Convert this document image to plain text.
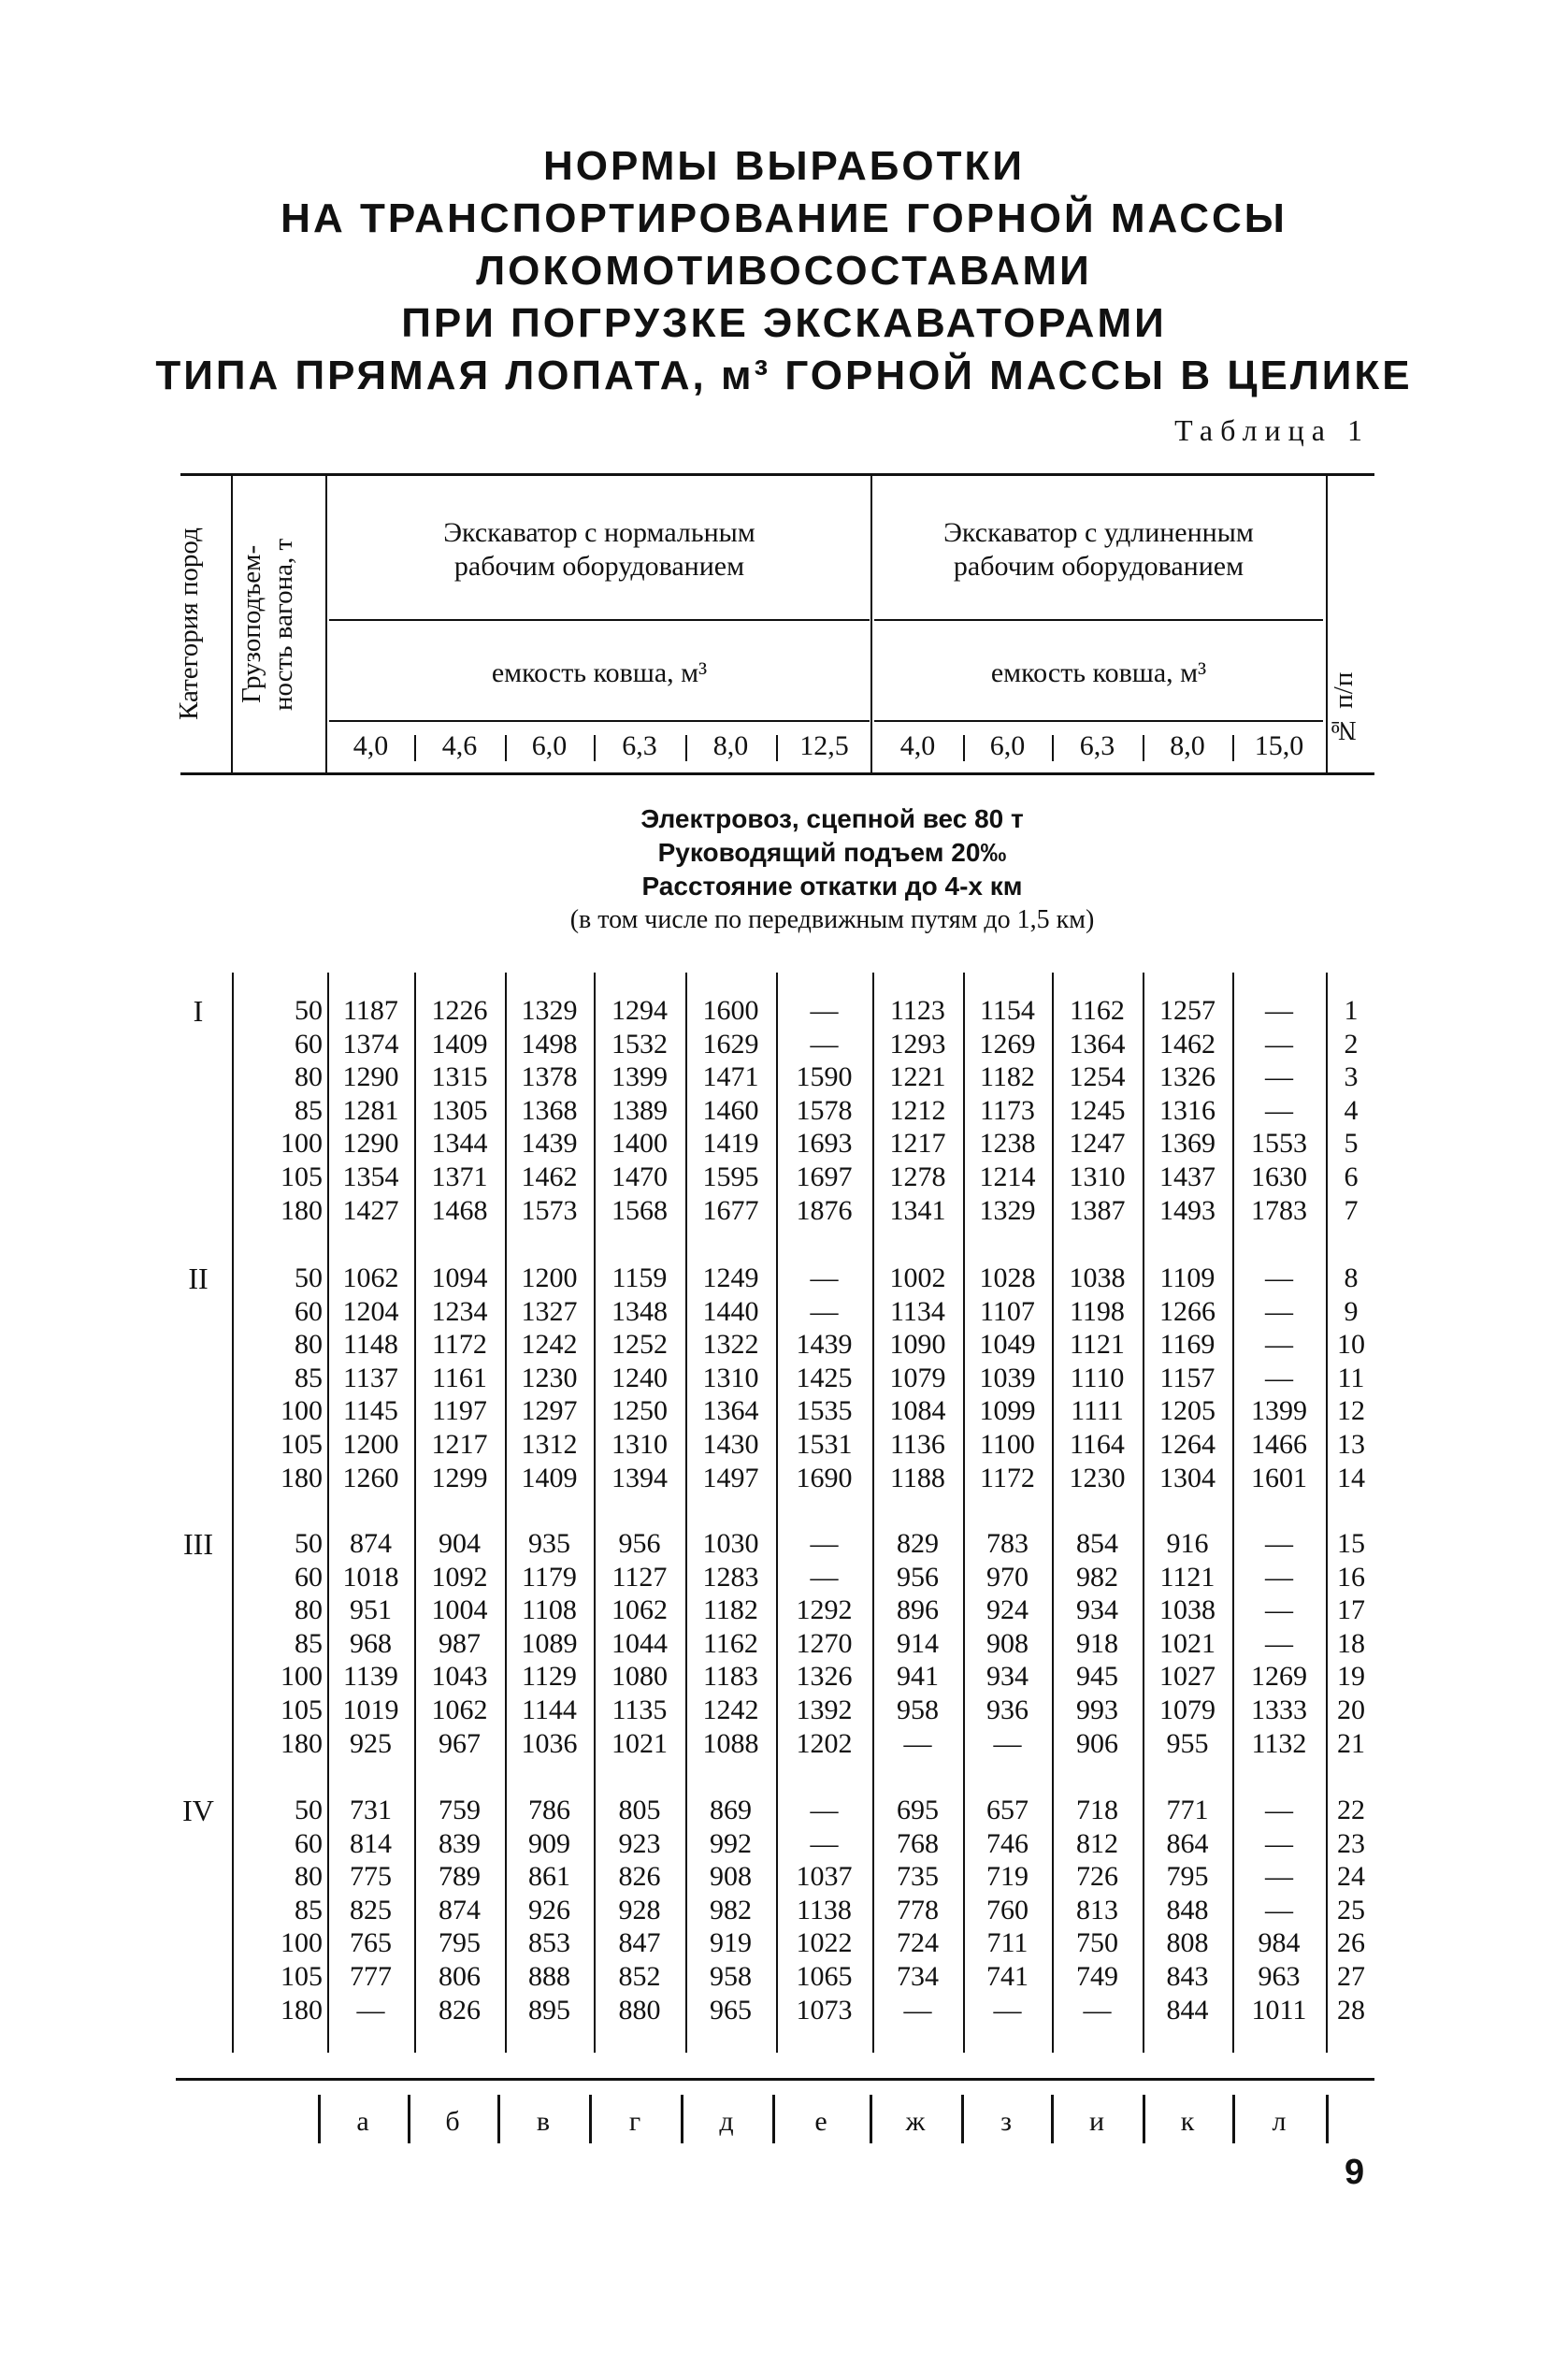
НОРМЫ ВЫРАБОТКИ
НА ТРАНСПОРТИРОВАНИЕ ГОРНОЙ МАССЫ
ЛОКОМОТИВОСОСТАВАМИ
ПРИ ПОГРУЗКЕ ЭКСКАВАТОРАМИ
ТИПА ПРЯМАЯ ЛОПАТА, м³ ГОРНОЙ МАССЫ В ЦЕЛИКЕ
Таблица 1
Категория пород	Грузоподъем-
ность вагона, т	№ п/п
Экскаватор с нормальным
рабочим оборудованием
Экскаватор с удлиненным
рабочим оборудованием
емкость ковша, м³	емкость ковша, м³
4,0	4,6	6,0	6,3	8,0	12,5	4,0	6,0	6,3	8,0	15,0
Электровоз, сцепной вес 80 т
Руководящий подъем 20‰
Расстояние откатки до 4-х км
(в том числе по передвижным путям до 1,5 км)
I	50 1187	1226	1329	1294	1600	—	1123	1154	1162	1257	—	1
60 1374	1409	1498	1532	1629	—	1293	1269	1364	1462	—	2
80 1290	1315	1378	1399	1471	1590	1221	1182	1254	1326	—	3
85 1281	1305	1368	1389	1460	1578	1212	1173	1245	1316	—	4
100 1290	1344	1439	1400	1419	1693	1217	1238	1247	1369	1553	5
105 1354	1371	1462	1470	1595	1697	1278	1214	1310	1437	1630	6
180 1427	1468	1573	1568	1677	1876	1341	1329	1387	1493	1783	7
II	50 1062	1094	1200	1159	1249	—	1002	1028	1038	1109	—	8
60 1204	1234	1327	1348	1440	—	1134	1107	1198	1266	—	9
80 1148	1172	1242	1252	1322	1439	1090	1049	1121	1169	—	10
85 1137	1161	1230	1240	1310	1425	1079	1039	1110	1157	—	11
100 1145	1197	1297	1250	1364	1535	1084	1099	1111	1205	1399	12
105 1200	1217	1312	1310	1430	1531	1136	1100	1164	1264	1466	13
180 1260	1299	1409	1394	1497	1690	1188	1172	1230	1304	1601	14
III	50 874	904	935	956	1030	—	829	783	854	916	—	15
60 1018	1092	1179	1127	1283	—	956	970	982	1121	—	16
80 951	1004	1108	1062	1182	1292	896	924	934	1038	—	17
85 968	987	1089	1044	1162	1270	914	908	918	1021	—	18
100 1139	1043	1129	1080	1183	1326	941	934	945	1027	1269	19
105 1019	1062	1144	1135	1242	1392	958	936	993	1079	1333	20
180 925	967	1036	1021	1088	1202	—	—	906	955	1132	21
IV	50 731	759	786	805	869	—	695	657	718	771	—	22
60 814	839	909	923	992	—	768	746	812	864	—	23
80 775	789	861	826	908	1037	735	719	726	795	—	24
85 825	874	926	928	982	1138	778	760	813	848	—	25
100 765	795	853	847	919	1022	724	711	750	808	984	26
105 777	806	888	852	958	1065	734	741	749	843	963	27
180	—	826	895	880	965	1073	—	—	—	844	1011	28
а	б	в	г	д	е	ж	з	и	к	л
9
